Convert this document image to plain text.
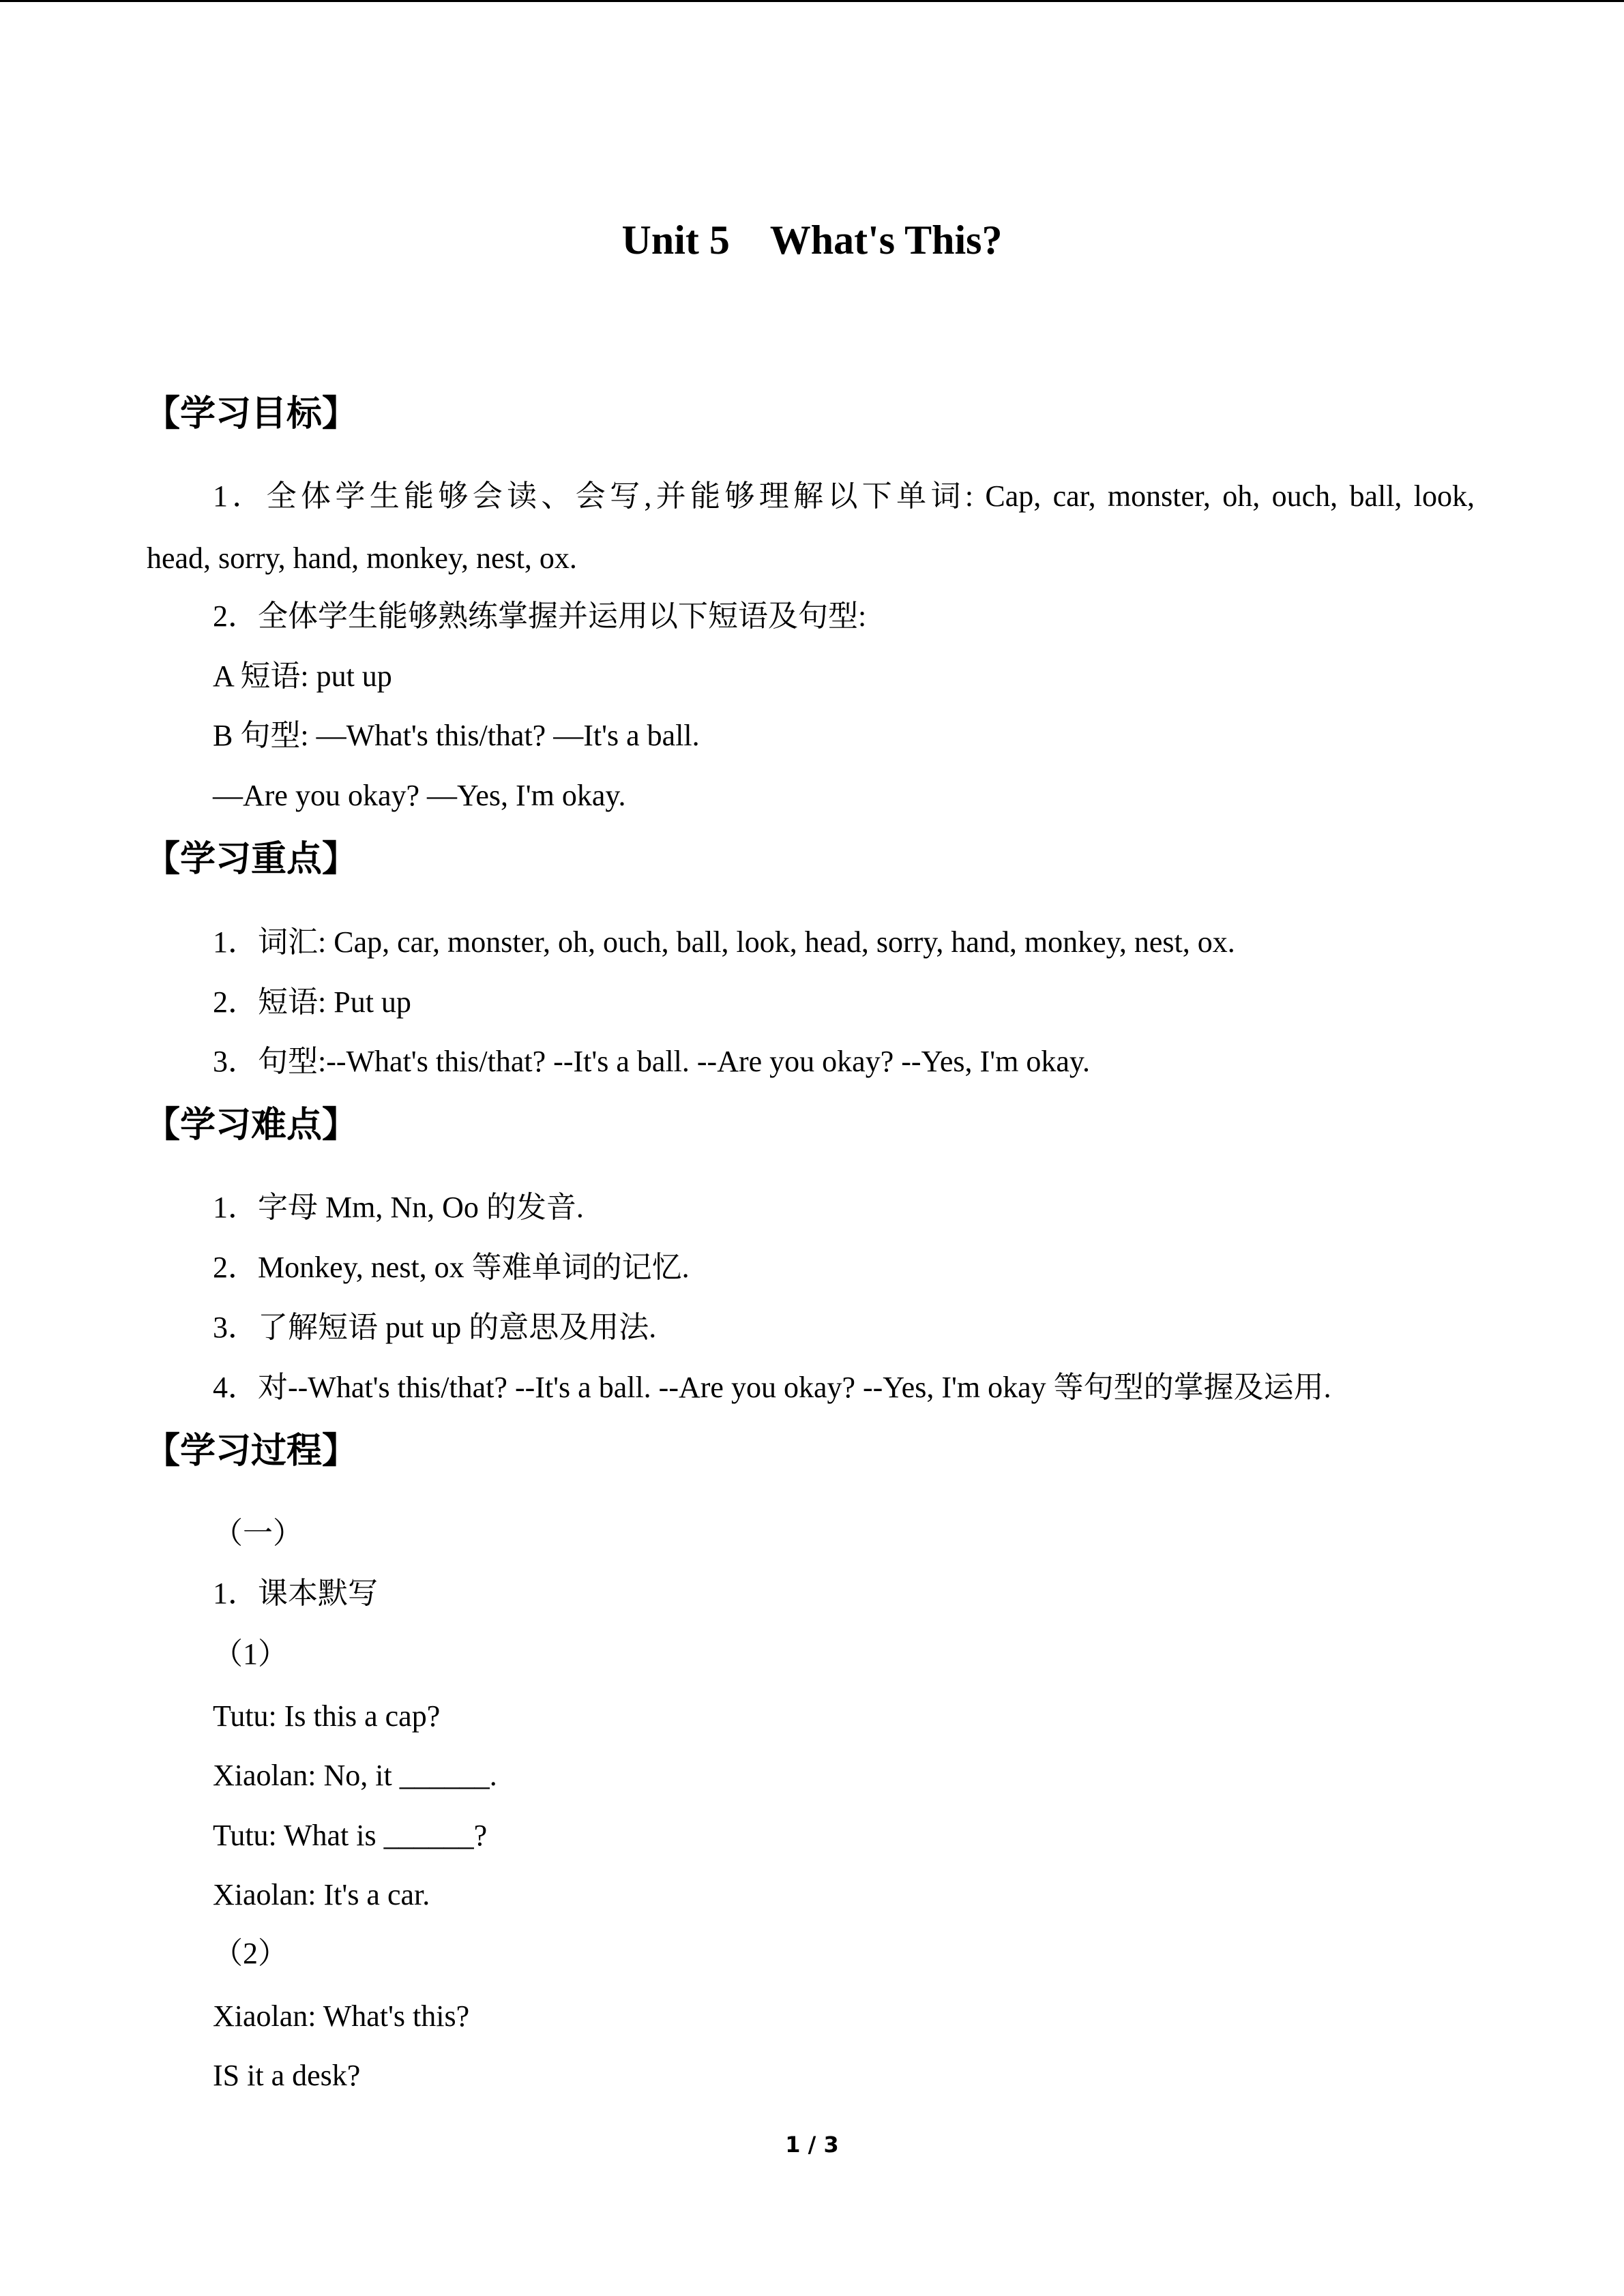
Unit 5    What's This?
【学习目标】
1．全体学生能够会读、会写,并能够理解以下单词: Cap, car, monster, oh, ouch, ball, look,
head, sorry, hand, monkey, nest, ox.
2．全体学生能够熟练掌握并运用以下短语及句型:
A 短语: put up
B 句型: —What's this/that? —It's a ball.
—Are you okay? —Yes, I'm okay.
【学习重点】
1．词汇: Cap, car, monster, oh, ouch, ball, look, head, sorry, hand, monkey, nest, ox.
2．短语: Put up
3．句型:--What's this/that? --It's a ball. --Are you okay? --Yes, I'm okay.
【学习难点】
1．字母 Mm, Nn, Oo 的发音.
2．Monkey, nest, ox 等难单词的记忆.
3．了解短语 put up 的意思及用法.
4．对--What's this/that? --It's a ball. --Are you okay? --Yes, I'm okay 等句型的掌握及运用.
【学习过程】
（一）
1．课本默写
（1）
Tutu: Is this a cap?
Xiaolan: No, it ______.
Tutu: What is ______?
Xiaolan: It's a car.
（2）
Xiaolan: What's this?
IS it a desk?
1 / 3
